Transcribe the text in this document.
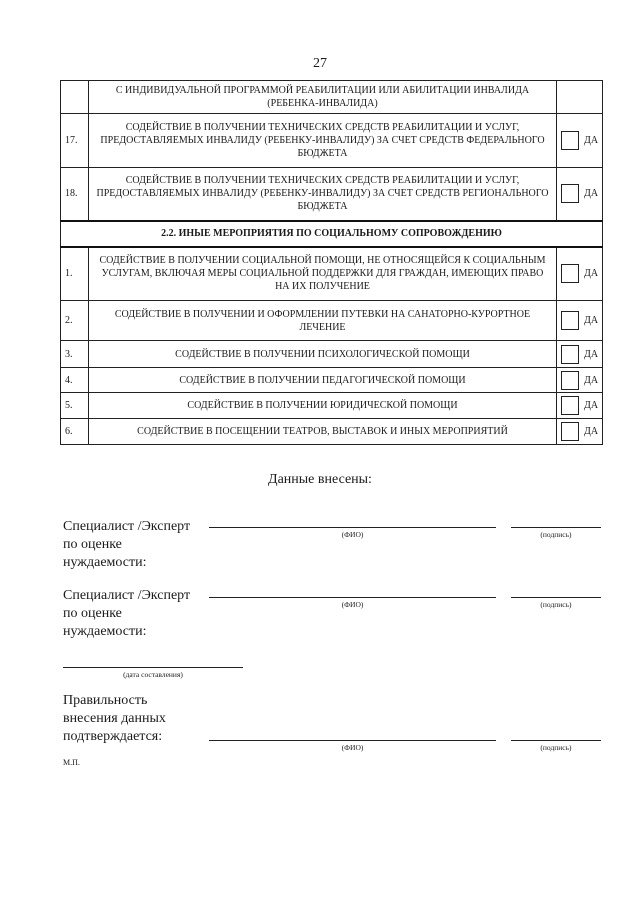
27
	С ИНДИВИДУАЛЬНОЙ ПРОГРАММОЙ РЕАБИЛИТАЦИИ ИЛИ АБИЛИТАЦИИ ИНВАЛИДА (РЕБЕНКА-ИНВАЛИДА)	
17.	СОДЕЙСТВИЕ В ПОЛУЧЕНИИ ТЕХНИЧЕСКИХ СРЕДСТВ РЕАБИЛИТАЦИИ И УСЛУГ, ПРЕДОСТАВЛЯЕМЫХ ИНВАЛИДУ (РЕБЕНКУ-ИНВАЛИДУ) ЗА СЧЕТ СРЕДСТВ ФЕДЕРАЛЬНОГО БЮДЖЕТА	ДА

18.	СОДЕЙСТВИЕ В ПОЛУЧЕНИИ ТЕХНИЧЕСКИХ СРЕДСТВ РЕАБИЛИТАЦИИ И УСЛУГ, ПРЕДОСТАВЛЯЕМЫХ ИНВАЛИДУ (РЕБЕНКУ-ИНВАЛИДУ) ЗА СЧЕТ СРЕДСТВ РЕГИОНАЛЬНОГО БЮДЖЕТА	ДА

2.2. ИНЫЕ МЕРОПРИЯТИЯ ПО СОЦИАЛЬНОМУ СОПРОВОЖДЕНИЮ		
1.	СОДЕЙСТВИЕ В ПОЛУЧЕНИИ СОЦИАЛЬНОЙ ПОМОЩИ, НЕ ОТНОСЯЩЕЙСЯ К СОЦИАЛЬНЫМ УСЛУГАМ, ВКЛЮЧАЯ МЕРЫ СОЦИАЛЬНОЙ ПОДДЕРЖКИ ДЛЯ ГРАЖДАН, ИМЕЮЩИХ ПРАВО НА ИХ ПОЛУЧЕНИЕ	ДА

2.	СОДЕЙСТВИЕ В ПОЛУЧЕНИИ И ОФОРМЛЕНИИ ПУТЕВКИ НА САНАТОРНО-КУРОРТНОЕ ЛЕЧЕНИЕ	ДА

3.	СОДЕЙСТВИЕ В ПОЛУЧЕНИИ ПСИХОЛОГИЧЕСКОЙ ПОМОЩИ	ДА

4.	СОДЕЙСТВИЕ В ПОЛУЧЕНИИ ПЕДАГОГИЧЕСКОЙ ПОМОЩИ	ДА

5.	СОДЕЙСТВИЕ В ПОЛУЧЕНИИ ЮРИДИЧЕСКОЙ ПОМОЩИ	ДА

6.	СОДЕЙСТВИЕ В ПОСЕЩЕНИИ ТЕАТРОВ, ВЫСТАВОК И ИНЫХ МЕРОПРИЯТИЙ	ДА
Данные внесены:
Специалист /Эксперт
по оценке
нуждаемости:
(ФИО)	(подпись)
Специалист /Эксперт
по оценке
нуждаемости:
(ФИО)	(подпись)
(дата составления)
Правильность
внесения данных
подтверждается:
(ФИО)	(подпись)
М.П.
